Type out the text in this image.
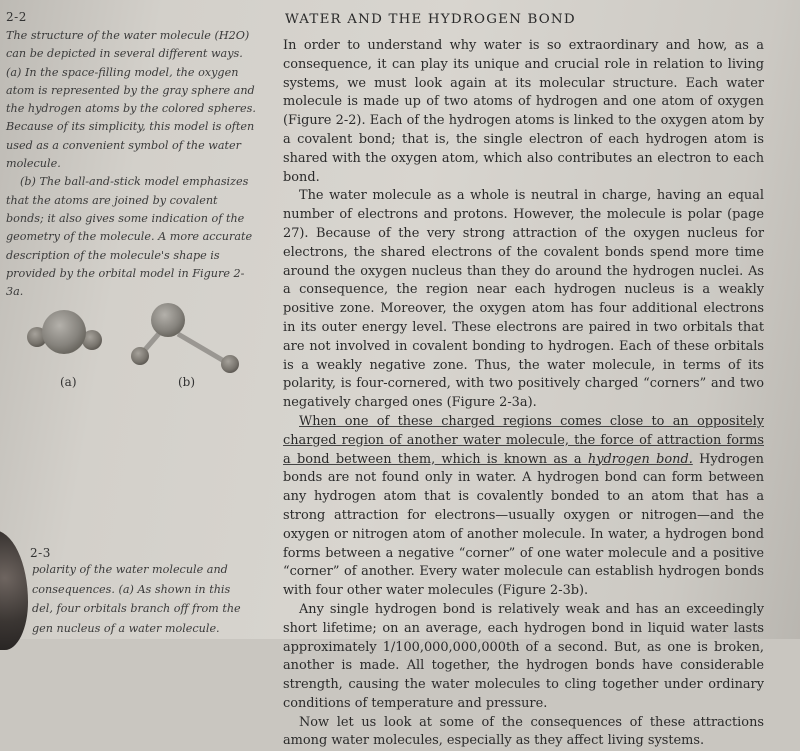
2-2

The structure of the water molecule (H2O) can be depicted in several different ways. (a) In the space-filling model, the oxygen atom is represented by the gray sphere and the hydrogen atoms by the colored spheres. Because of its simplicity, this model is often used as a convenient symbol of the water molecule.

(b) The ball-and-stick model emphasizes that the atoms are joined by covalent bonds; it also gives some indication of the geometry of the molecule. A more accurate description of the molecule's shape is provided by the orbital model in Figure 2-3a.

(a)	(b)
2-3
polarity of the water molecule and
consequences. (a) As shown in this
del, four orbitals branch off from the
gen nucleus of a water molecule.
WATER AND THE HYDROGEN BOND

In order to understand why water is so extraordinary and how, as a consequence, it can play its unique and crucial role in relation to living systems, we must look again at its molecular structure. Each water molecule is made up of two atoms of hydrogen and one atom of oxygen (Figure 2-2). Each of the hydrogen atoms is linked to the oxygen atom by a covalent bond; that is, the single electron of each hydrogen atom is shared with the oxygen atom, which also contributes an electron to each bond.

The water molecule as a whole is neutral in charge, having an equal number of electrons and protons. However, the molecule is polar (page 27). Because of the very strong attraction of the oxygen nucleus for electrons, the shared electrons of the covalent bonds spend more time around the oxygen nucleus than they do around the hydrogen nuclei. As a consequence, the region near each hydrogen nucleus is a weakly positive zone. Moreover, the oxygen atom has four additional electrons in its outer energy level. These electrons are paired in two orbitals that are not involved in covalent bonding to hydrogen. Each of these orbitals is a weakly negative zone. Thus, the water molecule, in terms of its polarity, is four-cornered, with two positively charged “corners” and two negatively charged ones (Figure 2-3a).

When one of these charged regions comes close to an oppositely charged region of another water molecule, the force of attraction forms a bond between them, which is known as a hydrogen bond. Hydrogen bonds are not found only in water. A hydrogen bond can form between any hydrogen atom that is covalently bonded to an atom that has a strong attraction for electrons—usually oxygen or nitrogen—and the oxygen or nitrogen atom of another molecule. In water, a hydrogen bond forms between a negative “corner” of one water molecule and a positive “corner” of another. Every water molecule can establish hydrogen bonds with four other water molecules (Figure 2-3b).

Any single hydrogen bond is relatively weak and has an exceedingly short lifetime; on an average, each hydrogen bond in liquid water lasts approximately 1/100,000,000,000th of a second. But, as one is broken, another is made. All together, the hydrogen bonds have considerable strength, causing the water molecules to cling together under ordinary conditions of temperature and pressure.

Now let us look at some of the consequences of these attractions among water molecules, especially as they affect living systems.
